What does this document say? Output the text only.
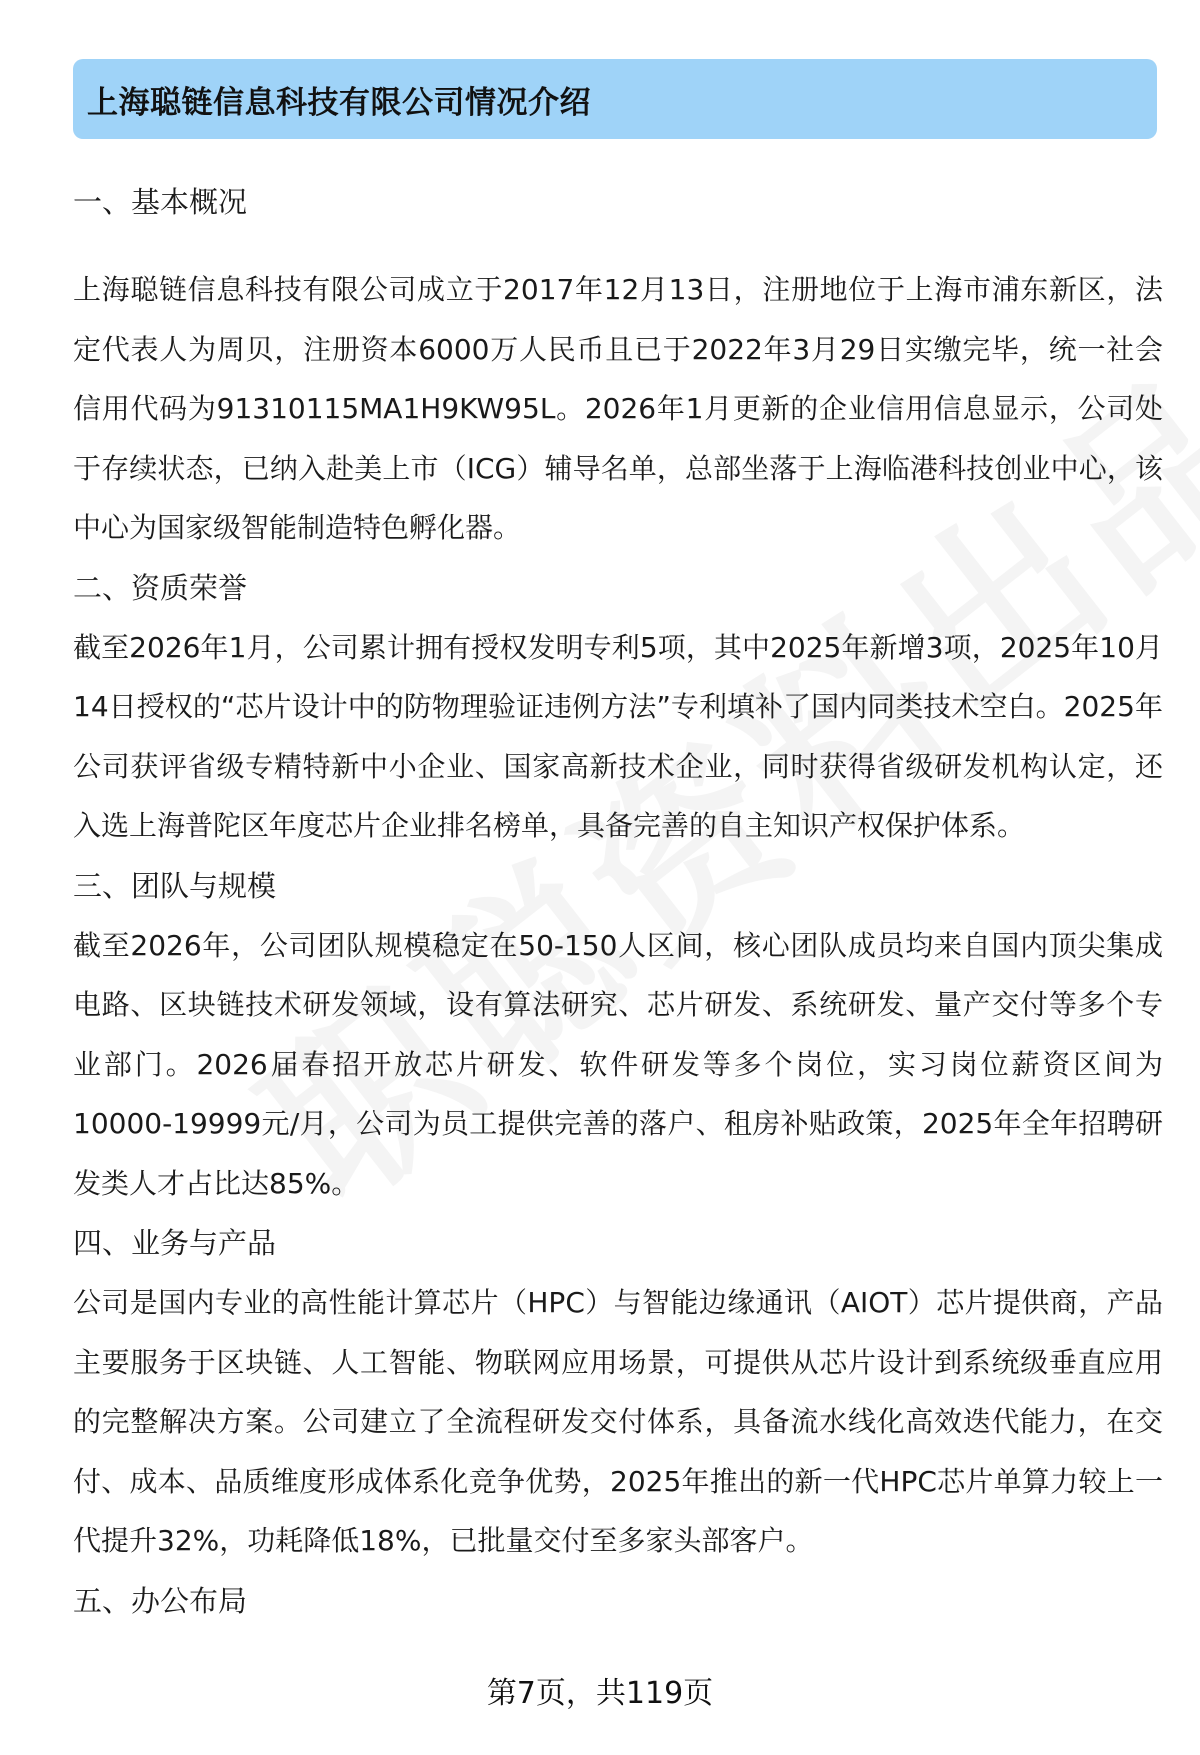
上海聪链信息科技有限公司情况介绍
一、基本概况

上海聪链信息科技有限公司成立于2017年12月13日，注册地位于上海市浦东新区，法定代表人为周贝，注册资本6000万人民币且已于2022年3月29日实缴完毕，统一社会信用代码为91310115MA1H9KW95L。2026年1月更新的企业信用信息显示，公司处于存续状态，已纳入赴美上市（ICG）辅导名单，总部坐落于上海临港科技创业中心，该中心为国家级智能制造特色孵化器。

二、资质荣誉

截至2026年1月，公司累计拥有授权发明专利5项，其中2025年新增3项，2025年10月14日授权的“芯片设计中的防物理验证违例方法”专利填补了国内同类技术空白。2025年公司获评省级专精特新中小企业、国家高新技术企业，同时获得省级研发机构认定，还入选上海普陀区年度芯片企业排名榜单，具备完善的自主知识产权保护体系。

三、团队与规模

截至2026年，公司团队规模稳定在50-150人区间，核心团队成员均来自国内顶尖集成电路、区块链技术研发领域，设有算法研究、芯片研发、系统研发、量产交付等多个专业部门。2026届春招开放芯片研发、软件研发等多个岗位，实习岗位薪资区间为10000-19999元/月，公司为员工提供完善的落户、租房补贴政策，2025年全年招聘研发类人才占比达85%。

四、业务与产品

公司是国内专业的高性能计算芯片（HPC）与智能边缘通讯（AIOT）芯片提供商，产品主要服务于区块链、人工智能、物联网应用场景，可提供从芯片设计到系统级垂直应用的完整解决方案。公司建立了全流程研发交付体系，具备流水线化高效迭代能力，在交付、成本、品质维度形成体系化竞争优势，2025年推出的新一代HPC芯片单算力较上一代提升32%，功耗降低18%，已批量交付至多家头部客户。

五、办公布局
第7页，共119页
